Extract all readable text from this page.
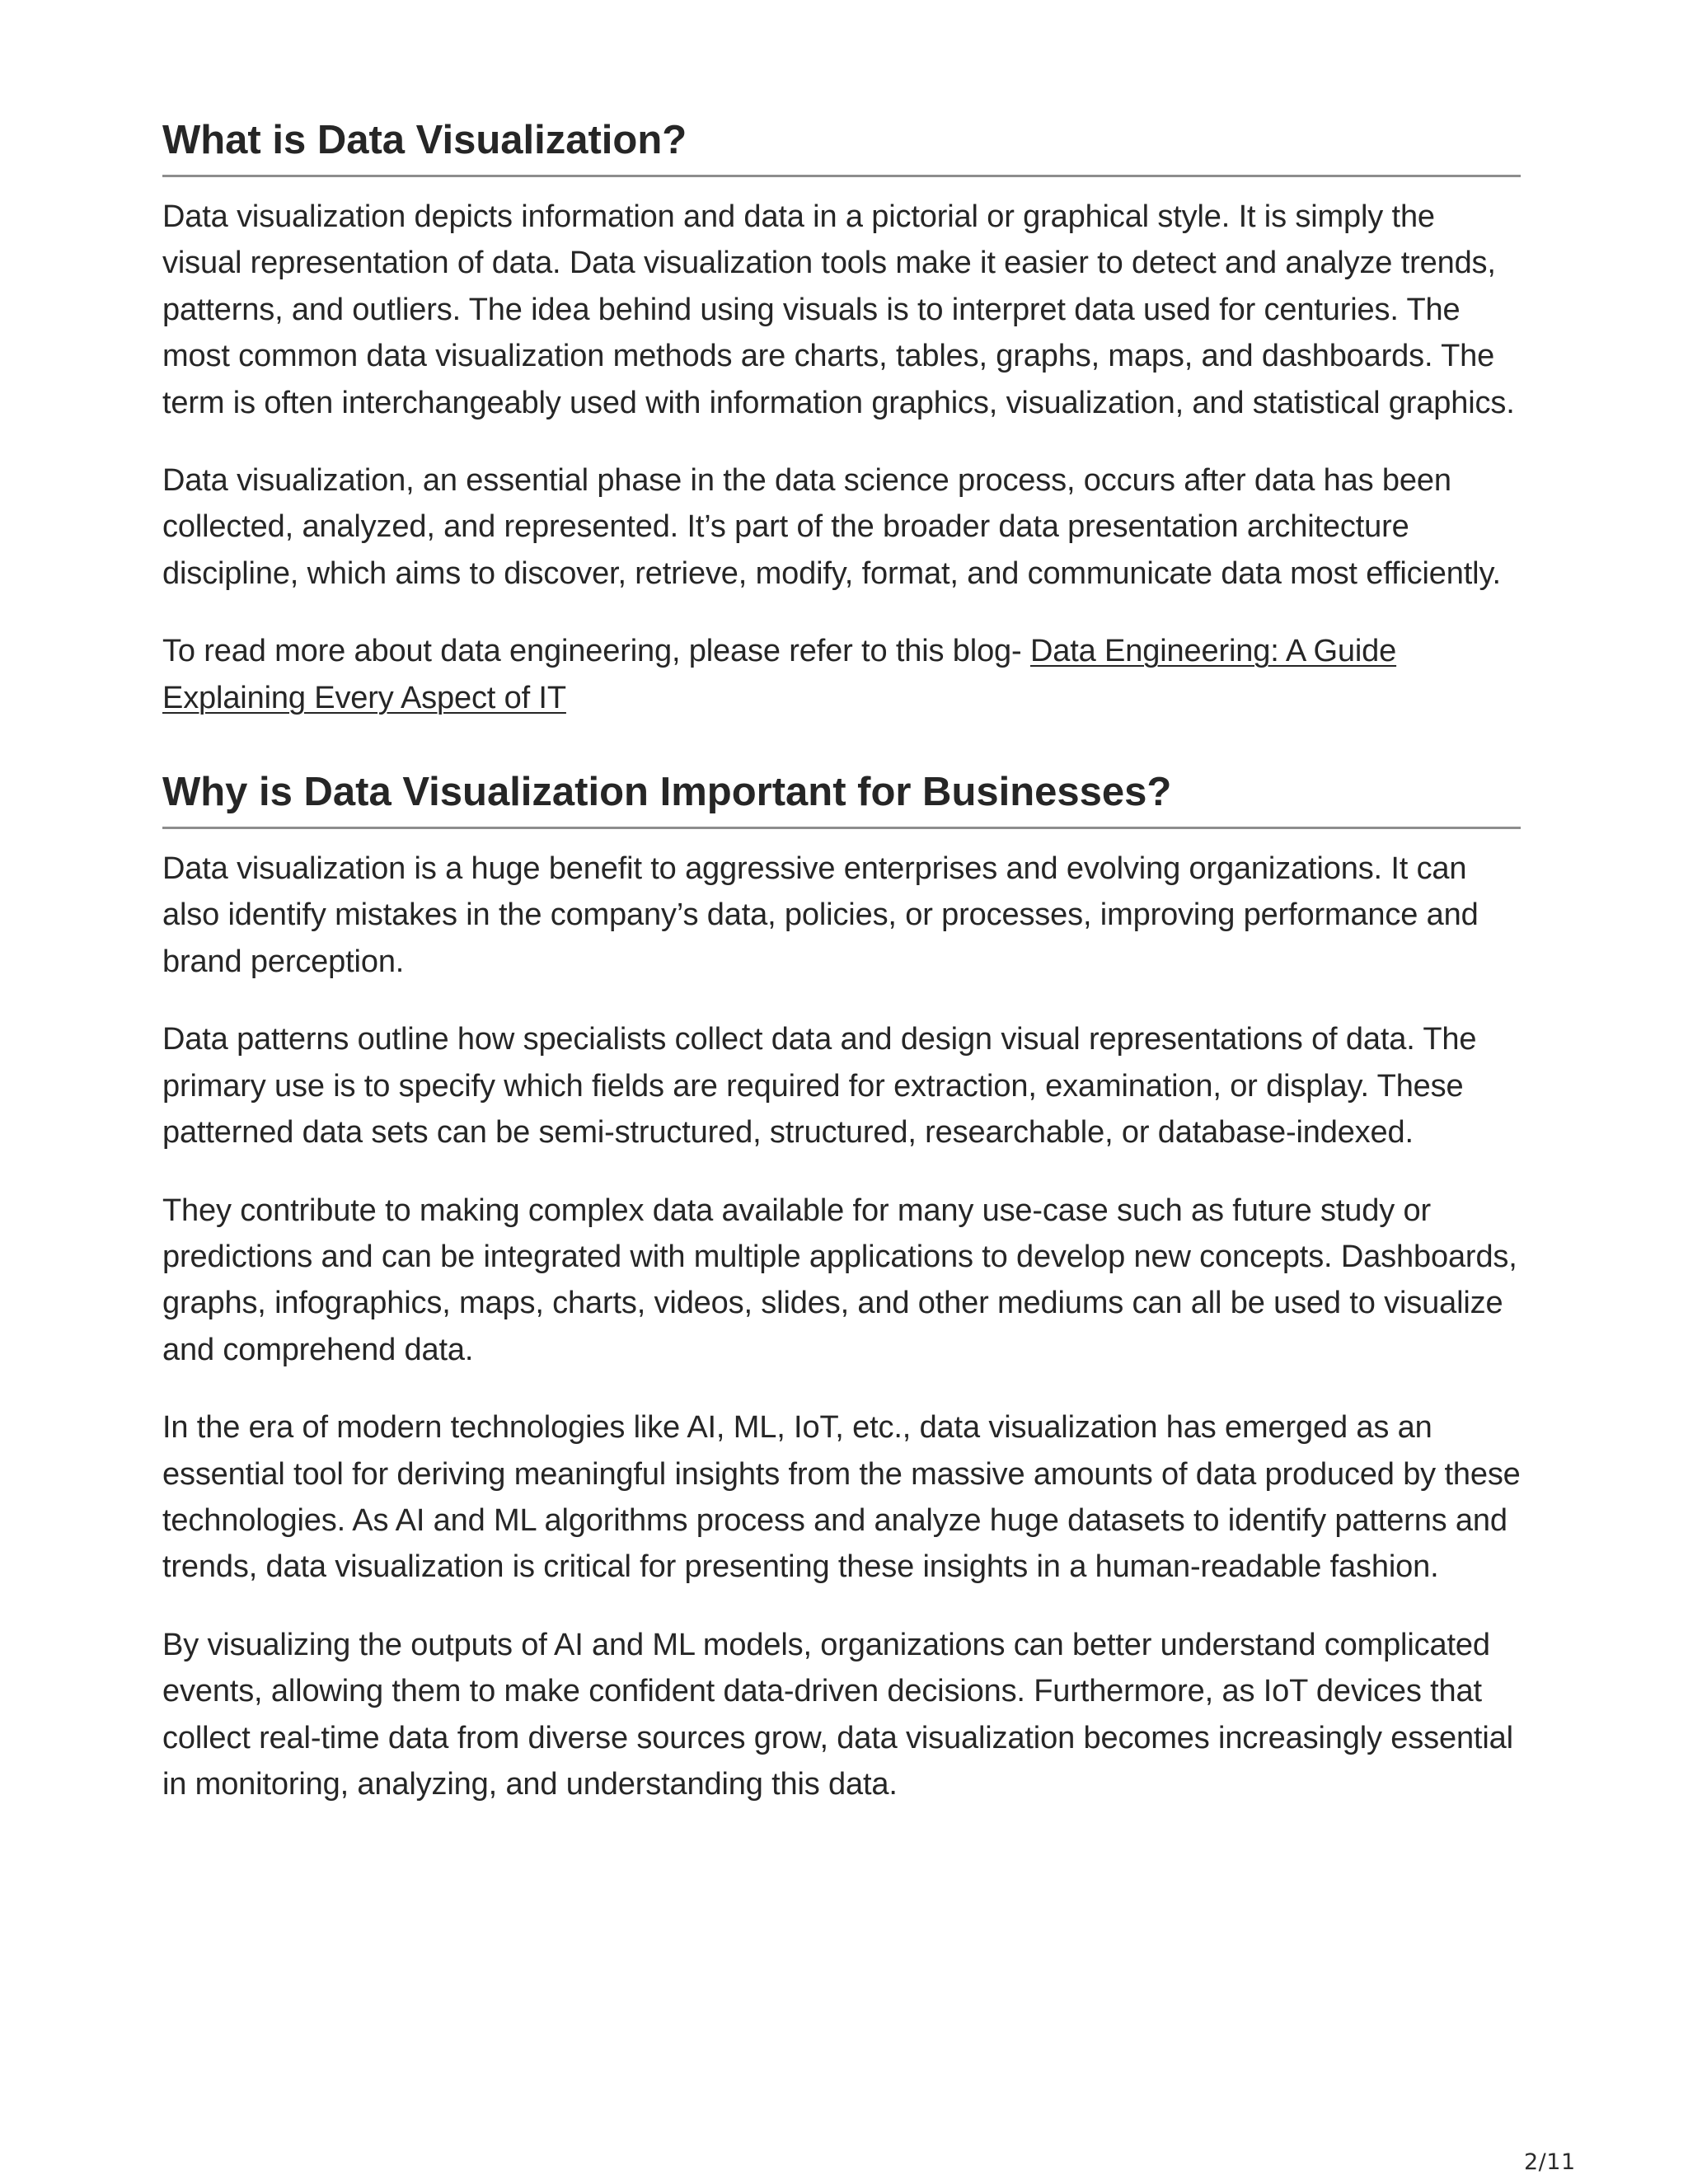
What is Data Visualization?

Data visualization depicts information and data in a pictorial or graphical style. It is simply the visual representation of data. Data visualization tools make it easier to detect and analyze trends, patterns, and outliers. The idea behind using visuals is to interpret data used for centuries. The most common data visualization methods are charts, tables, graphs, maps, and dashboards. The term is often interchangeably used with information graphics, visualization, and statistical graphics.

Data visualization, an essential phase in the data science process, occurs after data has been collected, analyzed, and represented. It’s part of the broader data presentation architecture discipline, which aims to discover, retrieve, modify, format, and communicate data most efficiently.

To read more about data engineering, please refer to this blog- Data Engineering: A Guide Explaining Every Aspect of IT

Why is Data Visualization Important for Businesses?

Data visualization is a huge benefit to aggressive enterprises and evolving organizations. It can also identify mistakes in the company’s data, policies, or processes, improving performance and brand perception.

Data patterns outline how specialists collect data and design visual representations of data. The primary use is to specify which fields are required for extraction, examination, or display. These patterned data sets can be semi-structured, structured, researchable, or database-indexed.

They contribute to making complex data available for many use-case such as future study or predictions and can be integrated with multiple applications to develop new concepts. Dashboards, graphs, infographics, maps, charts, videos, slides, and other mediums can all be used to visualize and comprehend data.

In the era of modern technologies like AI, ML, IoT, etc., data visualization has emerged as an essential tool for deriving meaningful insights from the massive amounts of data produced by these technologies. As AI and ML algorithms process and analyze huge datasets to identify patterns and trends, data visualization is critical for presenting these insights in a human-readable fashion.

By visualizing the outputs of AI and ML models, organizations can better understand complicated events, allowing them to make confident data-driven decisions. Furthermore, as IoT devices that collect real-time data from diverse sources grow, data visualization becomes increasingly essential in monitoring, analyzing, and understanding this data.

2/11
